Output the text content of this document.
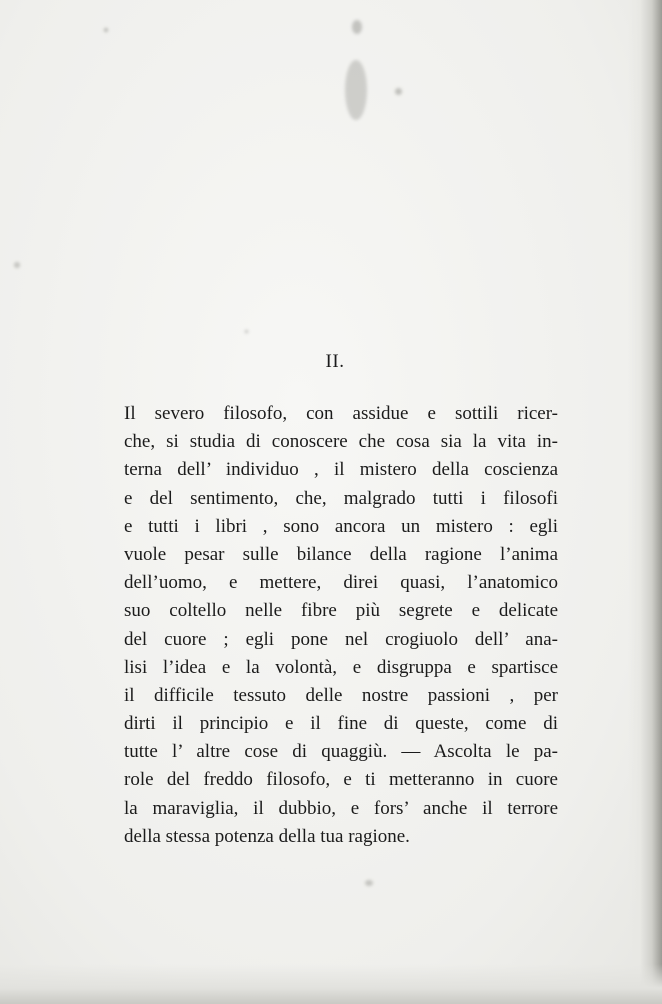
II.
Il severo filosofo, con assidue e sottili ricer-
che, si studia di conoscere che cosa sia la vita in-
terna dell’ individuo , il mistero della coscienza
e del sentimento, che, malgrado tutti i filosofi
e tutti i libri , sono ancora un mistero : egli
vuole pesar sulle bilance della ragione l’anima
dell’uomo, e mettere, direi quasi, l’anatomico
suo coltello nelle fibre più segrete e delicate
del cuore ; egli pone nel crogiuolo dell’ ana-
lisi l’idea e la volontà, e disgruppa e spartisce
il difficile tessuto delle nostre passioni , per
dirti il principio e il fine di queste, come di
tutte l’ altre cose di quaggiù. — Ascolta le pa-
role del freddo filosofo, e ti metteranno in cuore
la maraviglia, il dubbio, e fors’ anche il terrore
della stessa potenza della tua ragione.
